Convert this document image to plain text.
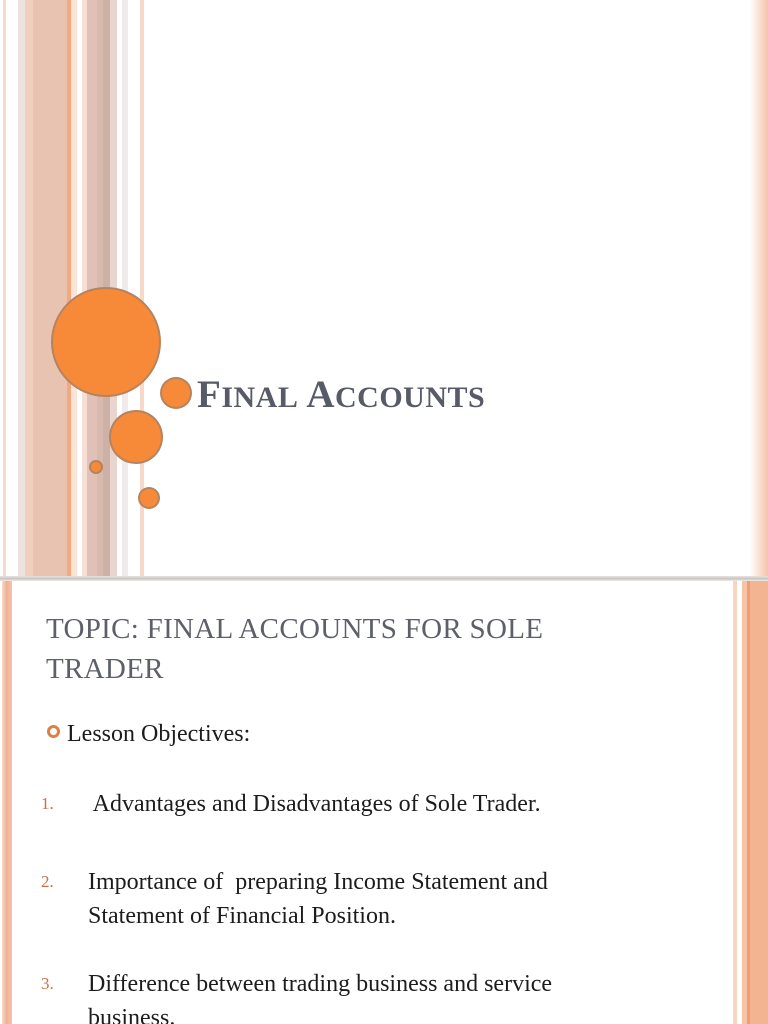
FINAL ACCOUNTS
TOPIC: FINAL ACCOUNTS FOR SOLE
TRADER
Lesson Objectives:
1. Advantages and Disadvantages of Sole Trader.
2. Importance of  preparing Income Statement and
Statement of Financial Position.
3. Difference between trading business and service
business.
